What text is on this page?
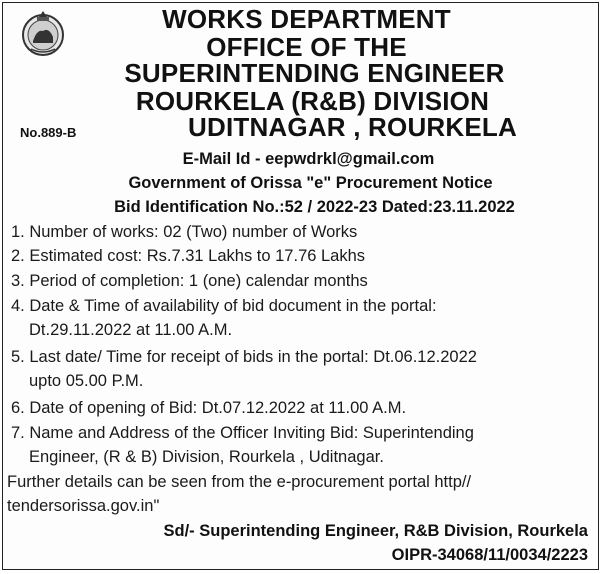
WORKS DEPARTMENT
OFFICE OF THE
SUPERINTENDING ENGINEER
ROURKELA (R&B) DIVISION
UDITNAGAR , ROURKELA
No.889-B
E-Mail Id - eepwdrkl@gmail.com
Government of Orissa "e" Procurement Notice
Bid Identification No.:52 / 2022-23 Dated:23.11.2022
1. Number of works: 02 (Two) number of Works
2. Estimated cost: Rs.7.31 Lakhs to 17.76 Lakhs
3. Period of completion: 1 (one) calendar months
4. Date & Time of availability of bid document in the portal:
Dt.29.11.2022 at 11.00 A.M.
5. Last date/ Time for receipt of bids in the portal: Dt.06.12.2022
upto 05.00 P.M.
6. Date of opening of Bid: Dt.07.12.2022 at 11.00 A.M.
7. Name and Address of the Officer Inviting Bid: Superintending
Engineer, (R & B) Division, Rourkela , Uditnagar.
Further details can be seen from the e-procurement portal http//
tendersorissa.gov.in"
Sd/- Superintending Engineer, R&B Division, Rourkela
OIPR-34068/11/0034/2223
